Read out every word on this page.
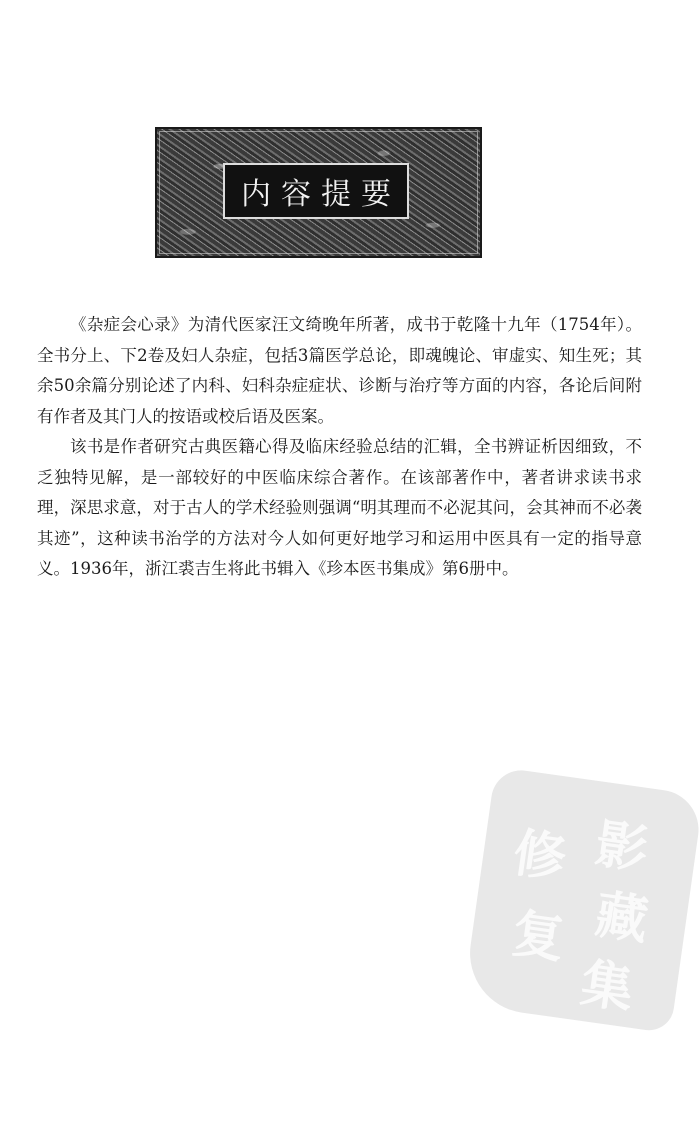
内容提要

《杂症会心录》为清代医家汪文绮晚年所著，成书于乾隆十九年（1754年）。全书分上、下2卷及妇人杂症，包括3篇医学总论，即魂魄论、审虚实、知生死；其余50余篇分别论述了内科、妇科杂症症状、诊断与治疗等方面的内容，各论后间附有作者及其门人的按语或校后语及医案。

该书是作者研究古典医籍心得及临床经验总结的汇辑，全书辨证析因细致，不乏独特见解，是一部较好的中医临床综合著作。在该部著作中，著者讲求读书求理，深思求意，对于古人的学术经验则强调“明其理而不必泥其问，会其神而不必袭其迹”，这种读书治学的方法对今人如何更好地学习和运用中医具有一定的指导意义。1936年，浙江裘吉生将此书辑入《珍本医书集成》第6册中。

影
藏
修
复
集
